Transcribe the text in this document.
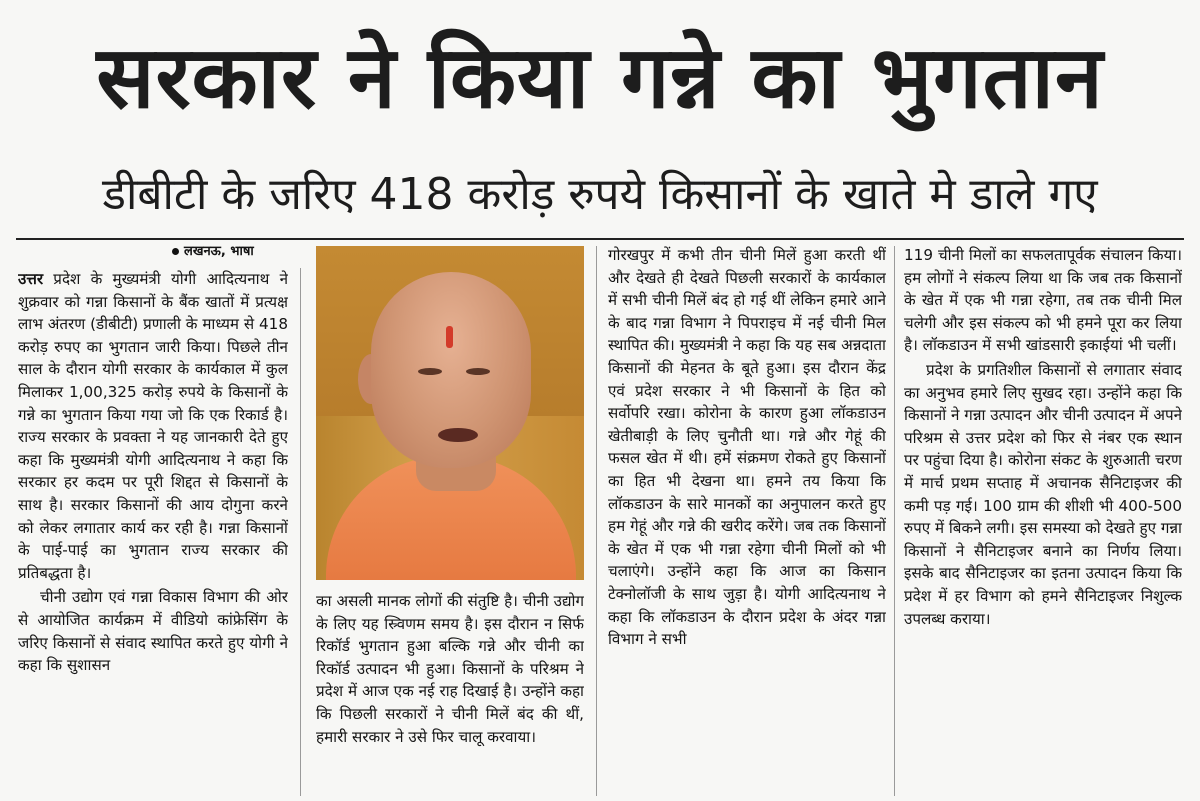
सरकार ने किया गन्ने का भुगतान
डीबीटी के जरिए 418 करोड़ रुपये किसानों के खाते मे डाले गए
लखनऊ, भाषा

उत्तर प्रदेश के मुख्यमंत्री योगी आदित्यनाथ ने शुक्रवार को गन्ना किसानों के बैंक खातों में प्रत्यक्ष लाभ अंतरण (डीबीटी) प्रणाली के माध्यम से 418 करोड़ रुपए का भुगतान जारी किया। पिछले तीन साल के दौरान योगी सरकार के कार्यकाल में कुल मिलाकर 1,00,325 करोड़ रुपये के किसानों के गन्ने का भुगतान किया गया जो कि एक रिकार्ड है। राज्य सरकार के प्रवक्ता ने यह जानकारी देते हुए कहा कि मुख्यमंत्री योगी आदित्यनाथ ने कहा कि सरकार हर कदम पर पूरी शिद्दत से किसानों के साथ है। सरकार किसानों की आय दोगुना करने को लेकर लगातार कार्य कर रही है। गन्ना किसानों के पाई-पाई का भुगतान राज्य सरकार की प्रतिबद्धता है।

चीनी उद्योग एवं गन्ना विकास विभाग की ओर से आयोजित कार्यक्रम में वीडियो कांफ्रेसिंग के जरिए किसानों से संवाद स्थापित करते हुए योगी ने कहा कि सुशासन

का असली मानक लोगों की संतुष्टि है। चीनी उद्योग के लिए यह स्र्विणम समय है। इस दौरान न सिर्फ रिकॉर्ड भुगतान हुआ बल्कि गन्ने और चीनी का रिकॉर्ड उत्पादन भी हुआ। किसानों के परिश्रम ने प्रदेश में आज एक नई राह दिखाई है। उन्होंने कहा कि पिछली सरकारों ने चीनी मिलें बंद की थीं, हमारी सरकार ने उसे फिर चालू करवाया।

गोरखपुर में कभी तीन चीनी मिलें हुआ करती थीं और देखते ही देखते पिछली सरकारों के कार्यकाल में सभी चीनी मिलें बंद हो गई थीं लेकिन हमारे आने के बाद गन्ना विभाग ने पिपराइच में नई चीनी मिल स्थापित की। मुख्यमंत्री ने कहा कि यह सब अन्नदाता किसानों की मेहनत के बूते हुआ। इस दौरान केंद्र एवं प्रदेश सरकार ने भी किसानों के हित को सर्वोपरि रखा। कोरोना के कारण हुआ लॉकडाउन खेतीबाड़ी के लिए चुनौती था। गन्ने और गेहूं की फसल खेत में थी। हमें संक्रमण रोकते हुए किसानों का हित भी देखना था। हमने तय किया कि लॉकडाउन के सारे मानकों का अनुपालन करते हुए हम गेहूं और गन्ने की खरीद करेंगे। जब तक किसानों के खेत में एक भी गन्ना रहेगा चीनी मिलों को भी चलाएंगे। उन्होंने कहा कि आज का किसान टेक्नोलॉजी के साथ जुड़ा है। योगी आदित्यनाथ ने कहा कि लॉकडाउन के दौरान प्रदेश के अंदर गन्ना विभाग ने सभी

119 चीनी मिलों का सफलतापूर्वक संचालन किया। हम लोगों ने संकल्प लिया था कि जब तक किसानों के खेत में एक भी गन्ना रहेगा, तब तक चीनी मिल चलेगी और इस संकल्प को भी हमने पूरा कर लिया है। लॉकडाउन में सभी खांडसारी इकाईयां भी चलीं।

प्रदेश के प्रगतिशील किसानों से लगातार संवाद का अनुभव हमारे लिए सुखद रहा। उन्होंने कहा कि किसानों ने गन्ना उत्पादन और चीनी उत्पादन में अपने परिश्रम से उत्तर प्रदेश को फिर से नंबर एक स्थान पर पहुंचा दिया है। कोरोना संकट के शुरुआती चरण में मार्च प्रथम सप्ताह में अचानक सैनिटाइजर की कमी पड़ गई। 100 ग्राम की शीशी भी 400-500 रुपए में बिकने लगी। इस समस्या को देखते हुए गन्ना किसानों ने सैनिटाइजर बनाने का निर्णय लिया। इसके बाद सैनिटाइजर का इतना उत्पादन किया कि प्रदेश में हर विभाग को हमने सैनिटाइजर निशुल्क उपलब्ध कराया।
